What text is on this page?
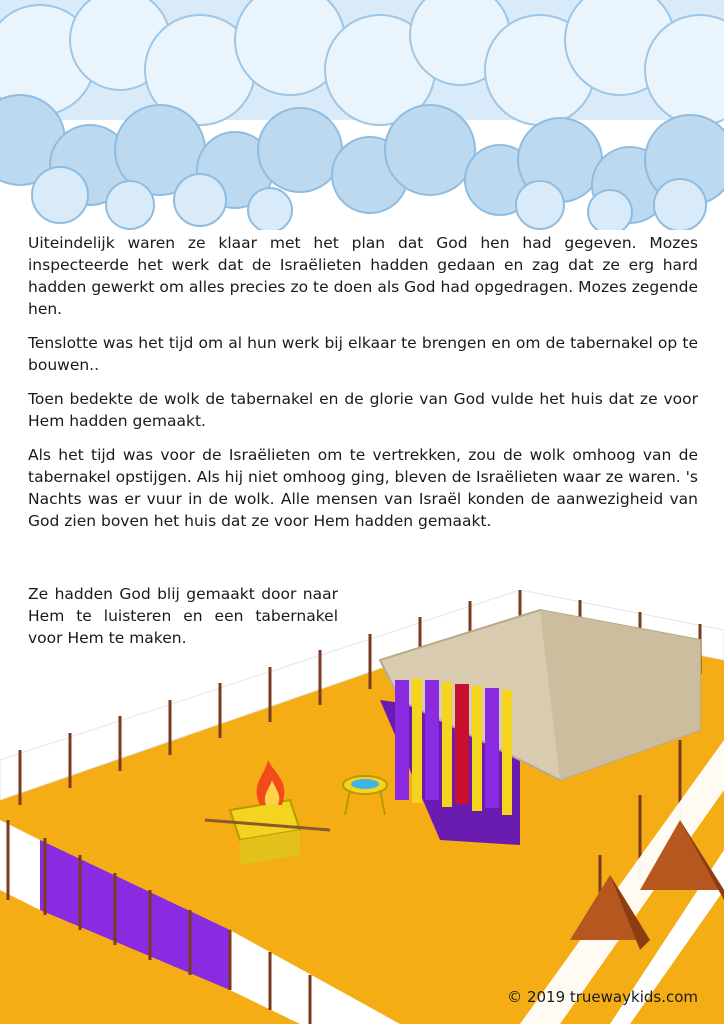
Uiteindelijk waren ze klaar met het plan dat God hen had gegeven. Mozes inspecteerde het werk dat de Israëlieten hadden gedaan en zag dat ze erg hard hadden gewerkt om alles precies zo te doen als God had opgedragen. Mozes zegende hen.

Tenslotte was het tijd om al hun werk bij elkaar te brengen en om de tabernakel op te bouwen..

Toen bedekte de wolk de tabernakel en de glorie van God vulde het huis dat ze voor Hem hadden gemaakt.

Als het tijd was voor de Israëlieten om te vertrekken, zou de wolk omhoog van de tabernakel opstijgen. Als hij niet omhoog ging, bleven de Israëlieten waar ze waren. 's Nachts was er vuur in de wolk. Alle mensen van Israël konden de aanwezigheid van God zien boven het huis dat ze voor Hem hadden gemaakt.

Ze hadden God blij gemaakt door naar Hem te luisteren en een tabernakel voor Hem te maken.

© 2019 truewaykids.com
